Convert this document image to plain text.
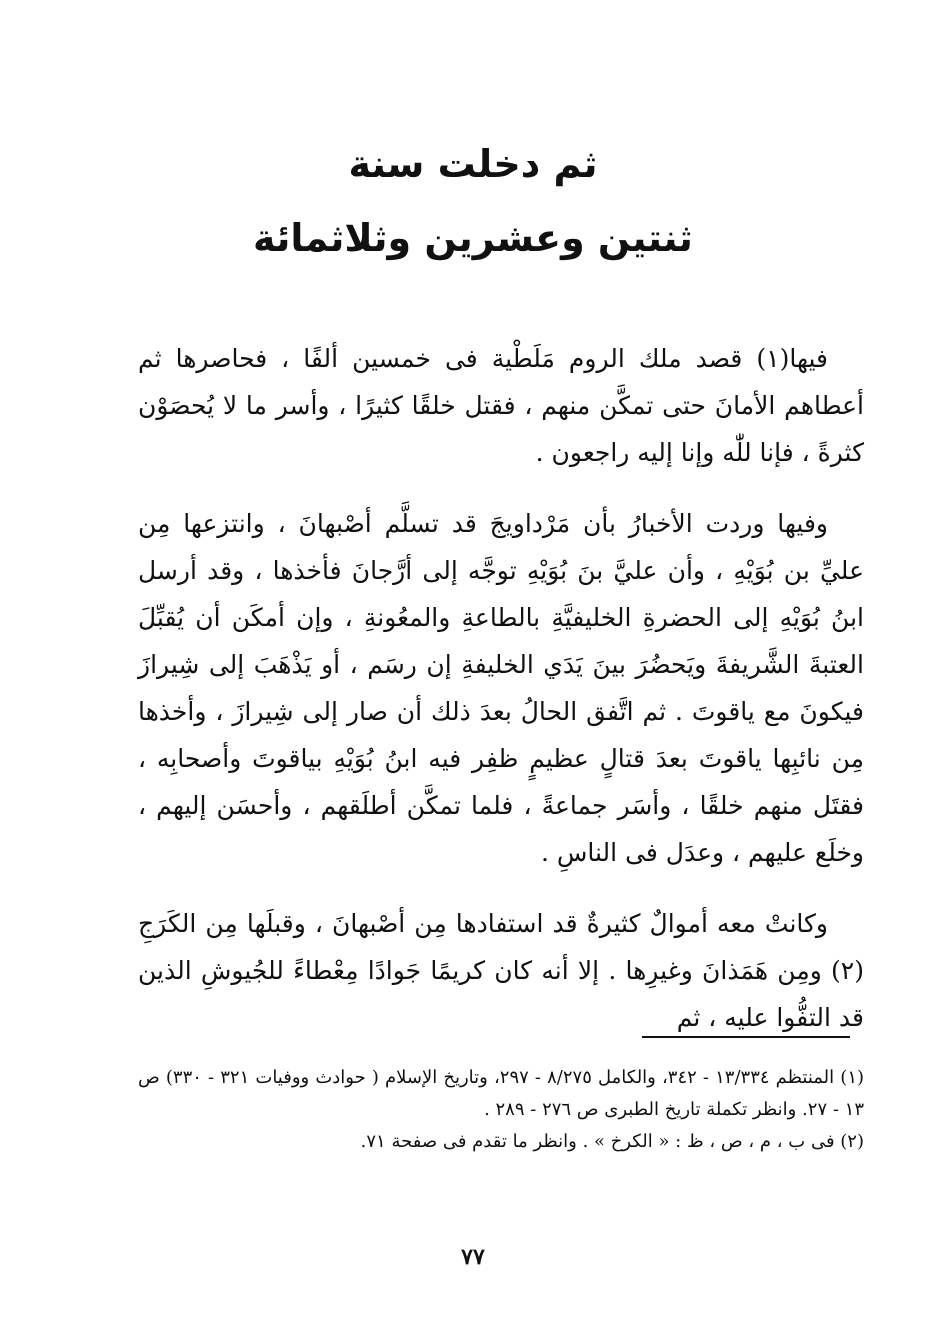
ثم دخلت سنة
ثنتين وعشرين وثلاثمائة

فيها(١) قصد ملك الروم مَلَطْية فى خمسين ألفًا ، فحاصرها ثم أعطاهم الأمانَ حتى تمكَّن منهم ، فقتل خلقًا كثيرًا ، وأسر ما لا يُحصَوْن كثرةً ، فإنا للّٰه وإنا إليه راجعون .

وفيها وردت الأخبارُ بأن مَرْداويجَ قد تسلَّم أصْبهانَ ، وانتزعها مِن عليِّ بن بُوَيْهِ ، وأن عليَّ بنَ بُوَيْهِ توجَّه إلى أرَّجانَ فأخذها ، وقد أرسل ابنُ بُوَيْهِ إلى الحضرةِ الخليفيَّةِ بالطاعةِ والمعُونةِ ، وإن أمكَن أن يُقبِّلَ العتبةَ الشَّريفةَ ويَحضُرَ بينَ يَدَي الخليفةِ إن رسَم ، أو يَذْهَبَ إلى شِيرازَ فيكونَ مع ياقوتَ . ثم اتَّفق الحالُ بعدَ ذلك أن صار إلى شِيرازَ ، وأخذها مِن نائبِها ياقوتَ بعدَ قتالٍ عظيمٍ ظفِر فيه ابنُ بُوَيْهِ بياقوتَ وأصحابِه ، فقتَل منهم خلقًا ، وأسَر جماعةً ، فلما تمكَّن أطلَقهم ، وأحسَن إليهم ، وخلَع عليهم ، وعدَل فى الناسِ .

وكانتْ معه أموالٌ كثيرةٌ قد استفادها مِن أصْبهانَ ، وقبلَها مِن الكَرَجِ (٢) ومِن هَمَذانَ وغيرِها . إلا أنه كان كريمًا جَوادًا مِعْطاءً للجُيوشِ الذين قد التفُّوا عليه ، ثم

(١) المنتظم ١٣/٣٣٤ - ٣٤٢، والكامل ٨/٢٧٥ - ٢٩٧، وتاريخ الإسلام ( حوادث ووفيات ٣٢١ - ٣٣٠) ص ١٣ - ٢٧. وانظر تكملة تاريخ الطبرى ص ٢٧٦ - ٢٨٩ .

(٢) فى ب ، م ، ص ، ظ : « الكرخ » . وانظر ما تقدم فى صفحة ٧١.

٧٧
